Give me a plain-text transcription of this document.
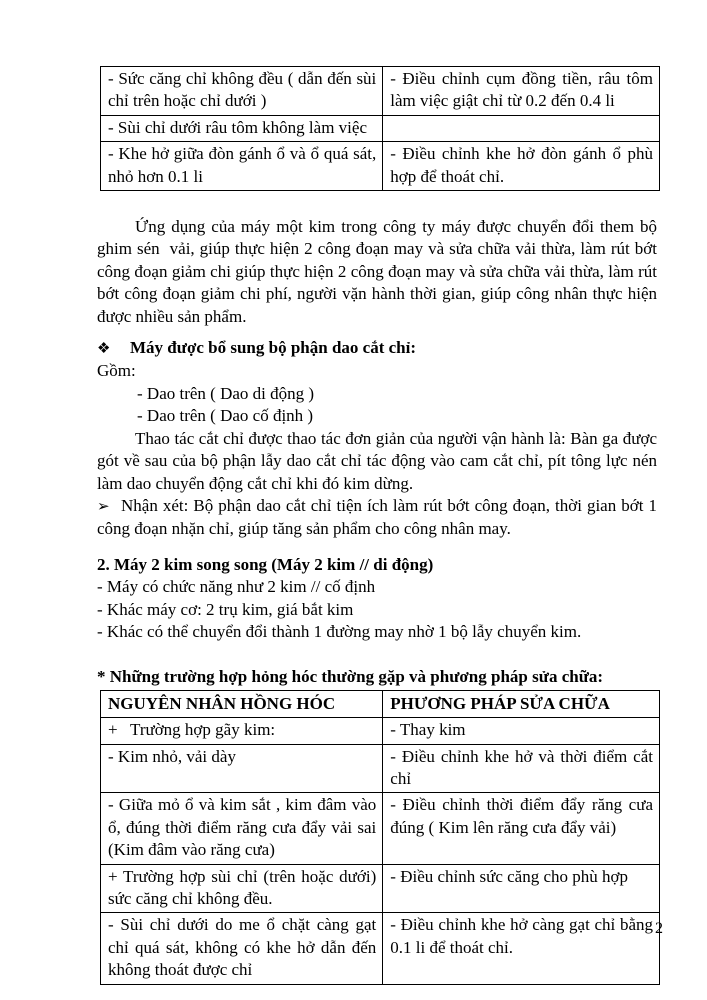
- Sức căng chỉ không đều ( dẫn đến sùi chỉ trên hoặc chỉ dưới )	- Điều chỉnh cụm đồng tiền, râu tôm làm việc giật chỉ từ 0.2 đến 0.4 li
- Sùi chỉ dưới râu tôm không làm việc	
- Khe hở giữa đòn gánh ổ và ổ quá sát, nhỏ hơn 0.1 li	- Điều chỉnh khe hở đòn gánh ổ phù hợp để thoát chỉ.

Ứng dụng của máy một kim trong công ty máy được chuyển đổi them bộ ghim sén  vải, giúp thực hiện 2 công đoạn may và sửa chữa vải thừa, làm rút bớt công đoạn giảm chi giúp thực hiện 2 công đoạn may và sửa chữa vải thừa, làm rút bớt công đoạn giảm chi phí, người vặn hành thời gian, giúp công nhân thực hiện được nhiều sản phẩm.

❖ Máy được bổ sung bộ phận dao cắt chỉ:

Gồm:

- Dao trên ( Dao di động )

- Dao trên ( Dao cố định )

Thao tác cắt chỉ được thao tác đơn giản của người vận hành là: Bàn ga được gót về sau của bộ phận lẫy dao cắt chỉ tác động vào cam cắt chỉ, pít tông lực nén làm dao chuyển động cắt chỉ khi đó kim dừng.

➢ Nhận xét: Bộ phận dao cắt chỉ tiện ích làm rút bớt công đoạn, thời gian bớt 1 công đoạn nhặn chỉ, giúp tăng sản phẩm cho công nhân may.

2. Máy 2 kim song song (Máy 2 kim // di động)

- Máy có chức năng như 2 kim // cố định

- Khác máy cơ: 2 trụ kim, giá bắt kim

- Khác có thể chuyển đổi thành 1 đường may nhờ 1 bộ lẫy chuyển kim.

* Những trường hợp hỏng hóc thường gặp và phương pháp sửa chữa:

NGUYÊN NHÂN HỒNG HÓC	PHƯƠNG PHÁP SỬA CHỮA
+   Trường hợp gãy kim:	- Thay kim
- Kim nhỏ, vải dày	- Điều chỉnh khe hở và thời điểm cắt chỉ
- Giữa mỏ ổ và kim sắt , kim đâm vào ổ, đúng thời điểm răng cưa đẩy vải sai (Kim đâm vào răng cưa)	- Điều chỉnh thời điểm đẩy răng cưa đúng ( Kim lên răng cưa đẩy vải)
+ Trường hợp sùi chỉ (trên hoặc dưới) sức căng chỉ không đều.	- Điều chỉnh sức căng cho phù hợp
- Sùi chỉ dưới do me ổ chặt càng gạt chỉ quá sát, không có khe hở dẫn đến không thoát được chỉ	- Điều chỉnh khe hở càng gạt chỉ bằng 0.1 li để thoát chỉ.
2
